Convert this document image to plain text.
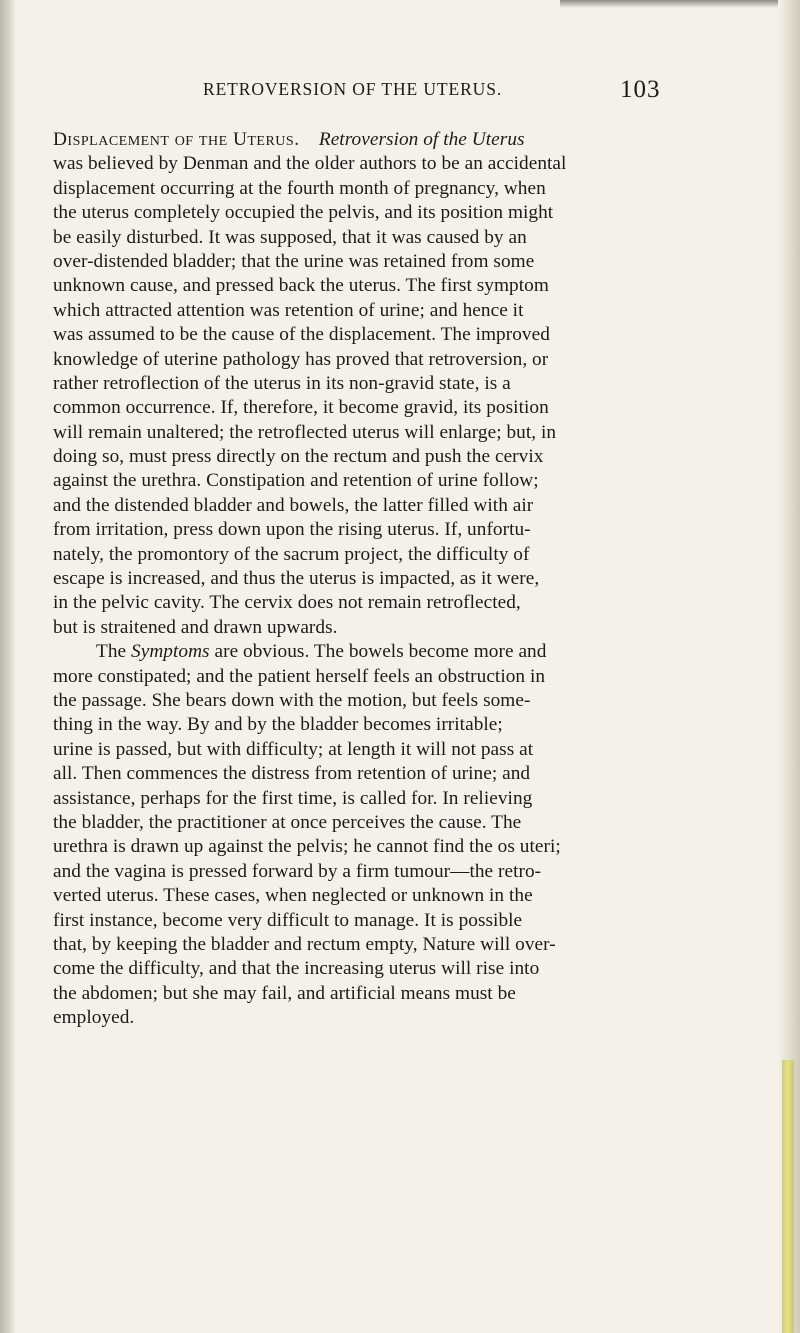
RETROVERSION OF THE UTERUS.	103
Displacement of the Uterus.  Retroversion of the Uterus
was believed by Denman and the older authors to be an accidental
displacement occurring at the fourth month of pregnancy, when
the uterus completely occupied the pelvis, and its position might
be easily disturbed. It was supposed, that it was caused by an
over-distended bladder; that the urine was retained from some
unknown cause, and pressed back the uterus. The first symptom
which attracted attention was retention of urine; and hence it
was assumed to be the cause of the displacement. The improved
knowledge of uterine pathology has proved that retroversion, or
rather retroflection of the uterus in its non-gravid state, is a
common occurrence. If, therefore, it become gravid, its position
will remain unaltered; the retroflected uterus will enlarge; but, in
doing so, must press directly on the rectum and push the cervix
against the urethra. Constipation and retention of urine follow;
and the distended bladder and bowels, the latter filled with air
from irritation, press down upon the rising uterus. If, unfortu-
nately, the promontory of the sacrum project, the difficulty of
escape is increased, and thus the uterus is impacted, as it were,
in the pelvic cavity. The cervix does not remain retroflected,
but is straitened and drawn upwards.
The Symptoms are obvious. The bowels become more and
more constipated; and the patient herself feels an obstruction in
the passage. She bears down with the motion, but feels some-
thing in the way. By and by the bladder becomes irritable;
urine is passed, but with difficulty; at length it will not pass at
all. Then commences the distress from retention of urine; and
assistance, perhaps for the first time, is called for. In relieving
the bladder, the practitioner at once perceives the cause. The
urethra is drawn up against the pelvis; he cannot find the os uteri;
and the vagina is pressed forward by a firm tumour—the retro-
verted uterus. These cases, when neglected or unknown in the
first instance, become very difficult to manage. It is possible
that, by keeping the bladder and rectum empty, Nature will over-
come the difficulty, and that the increasing uterus will rise into
the abdomen; but she may fail, and artificial means must be
employed.
